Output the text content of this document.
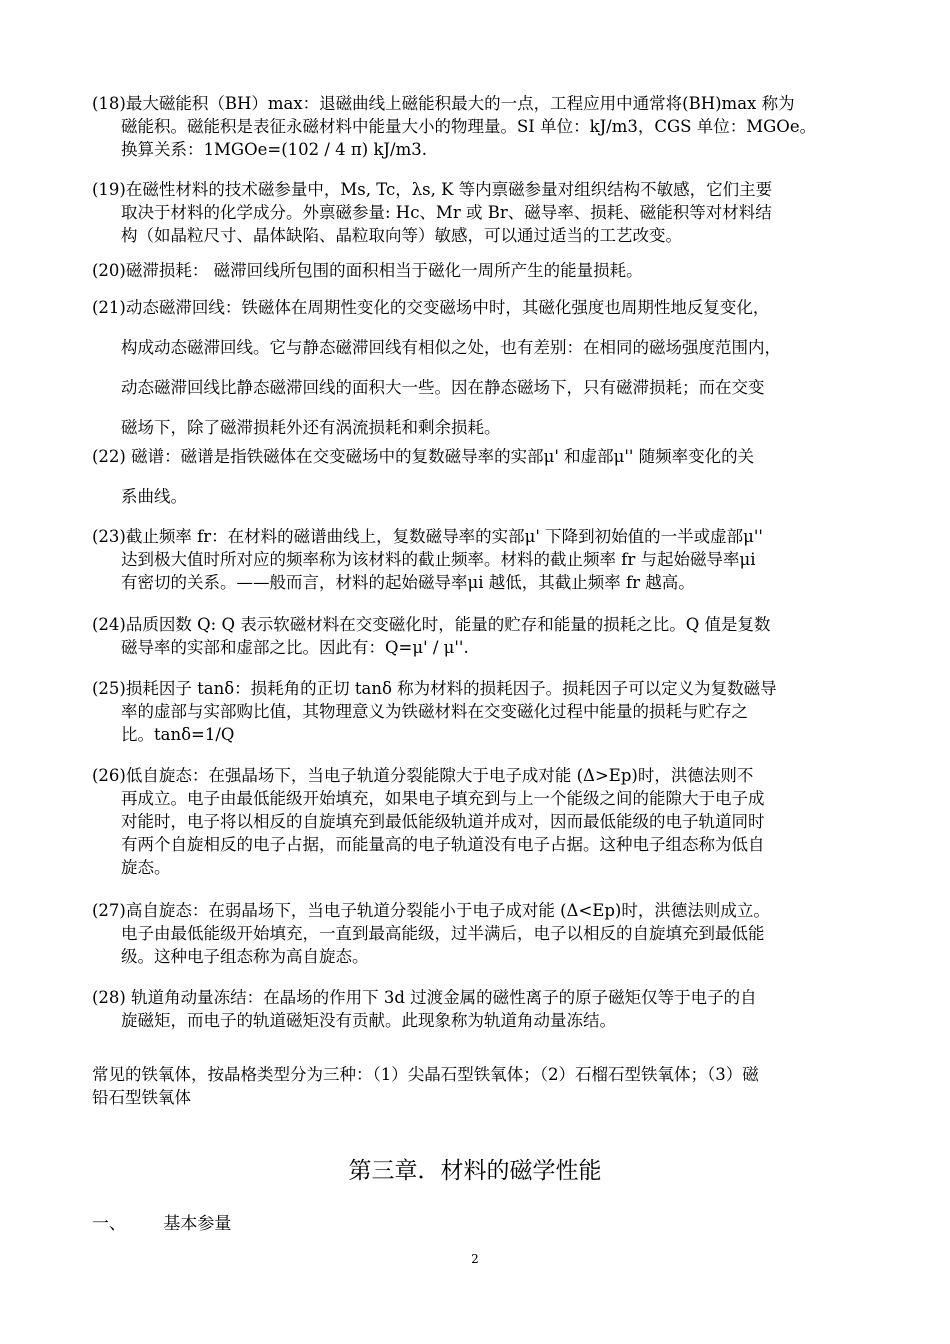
(18)最大磁能积（BH）max：退磁曲线上磁能积最大的一点，工程应用中通常将(BH)max 称为
磁能积。磁能积是表征永磁材料中能量大小的物理量。SI 单位：kJ/m3，CGS 单位：MGOe。
换算关系：1MGOe=(102 / 4 π) kJ/m3.
(19)在磁性材料的技术磁参量中，Ms, Tc，λs, K 等内禀磁参量对组织结构不敏感，它们主要
取决于材料的化学成分。外禀磁参量: Hc、Mr 或 Br、磁导率、损耗、磁能积等对材料结
构（如晶粒尺寸、晶体缺陷、晶粒取向等）敏感，可以通过适当的工艺改变。
(20)磁滞损耗： 磁滞回线所包围的面积相当于磁化一周所产生的能量损耗。
(21)动态磁滞回线：铁磁体在周期性变化的交变磁场中时，其磁化强度也周期性地反复变化，
构成动态磁滞回线。它与静态磁滞回线有相似之处，也有差别：在相同的磁场强度范围内，
动态磁滞回线比静态磁滞回线的面积大一些。因在静态磁场下，只有磁滞损耗；而在交变
磁场下，除了磁滞损耗外还有涡流损耗和剩余损耗。
(22) 磁谱：磁谱是指铁磁体在交变磁场中的复数磁导率的实部μ' 和虚部μ'' 随频率变化的关
系曲线。
(23)截止频率 fr：在材料的磁谱曲线上，复数磁导率的实部μ' 下降到初始值的一半或虚部μ''
达到极大值时所对应的频率称为该材料的截止频率。材料的截止频率 fr 与起始磁导率μi
有密切的关系。——般而言，材料的起始磁导率μi 越低，其截止频率 fr 越高。
(24)品质因数 Q: Q 表示软磁材料在交变磁化时，能量的贮存和能量的损耗之比。Q 值是复数
磁导率的实部和虚部之比。因此有：Q=μ' / μ''.
(25)损耗因子 tanδ：损耗角的正切 tanδ 称为材料的损耗因子。损耗因子可以定义为复数磁导
率的虚部与实部购比值，其物理意义为铁磁材料在交变磁化过程中能量的损耗与贮存之
比。tanδ=1/Q
(26)低自旋态：在强晶场下，当电子轨道分裂能隙大于电子成对能 (Δ>Ep)时，洪德法则不
再成立。电子由最低能级开始填充，如果电子填充到与上一个能级之间的能隙大于电子成
对能时，电子将以相反的自旋填充到最低能级轨道并成对，因而最低能级的电子轨道同时
有两个自旋相反的电子占据，而能量高的电子轨道没有电子占据。这种电子组态称为低自
旋态。
(27)高自旋态：在弱晶场下，当电子轨道分裂能小于电子成对能 (Δ<Ep)时，洪德法则成立。
电子由最低能级开始填充，一直到最高能级，过半满后，电子以相反的自旋填充到最低能
级。这种电子组态称为高自旋态。
(28) 轨道角动量冻结：在晶场的作用下 3d 过渡金属的磁性离子的原子磁矩仅等于电子的自
旋磁矩，而电子的轨道磁矩没有贡献。此现象称为轨道角动量冻结。
常见的铁氧体，按晶格类型分为三种：（1）尖晶石型铁氧体；（2）石榴石型铁氧体；（3）磁
铅石型铁氧体
第三章．材料的磁学性能
一、 基本参量
2
